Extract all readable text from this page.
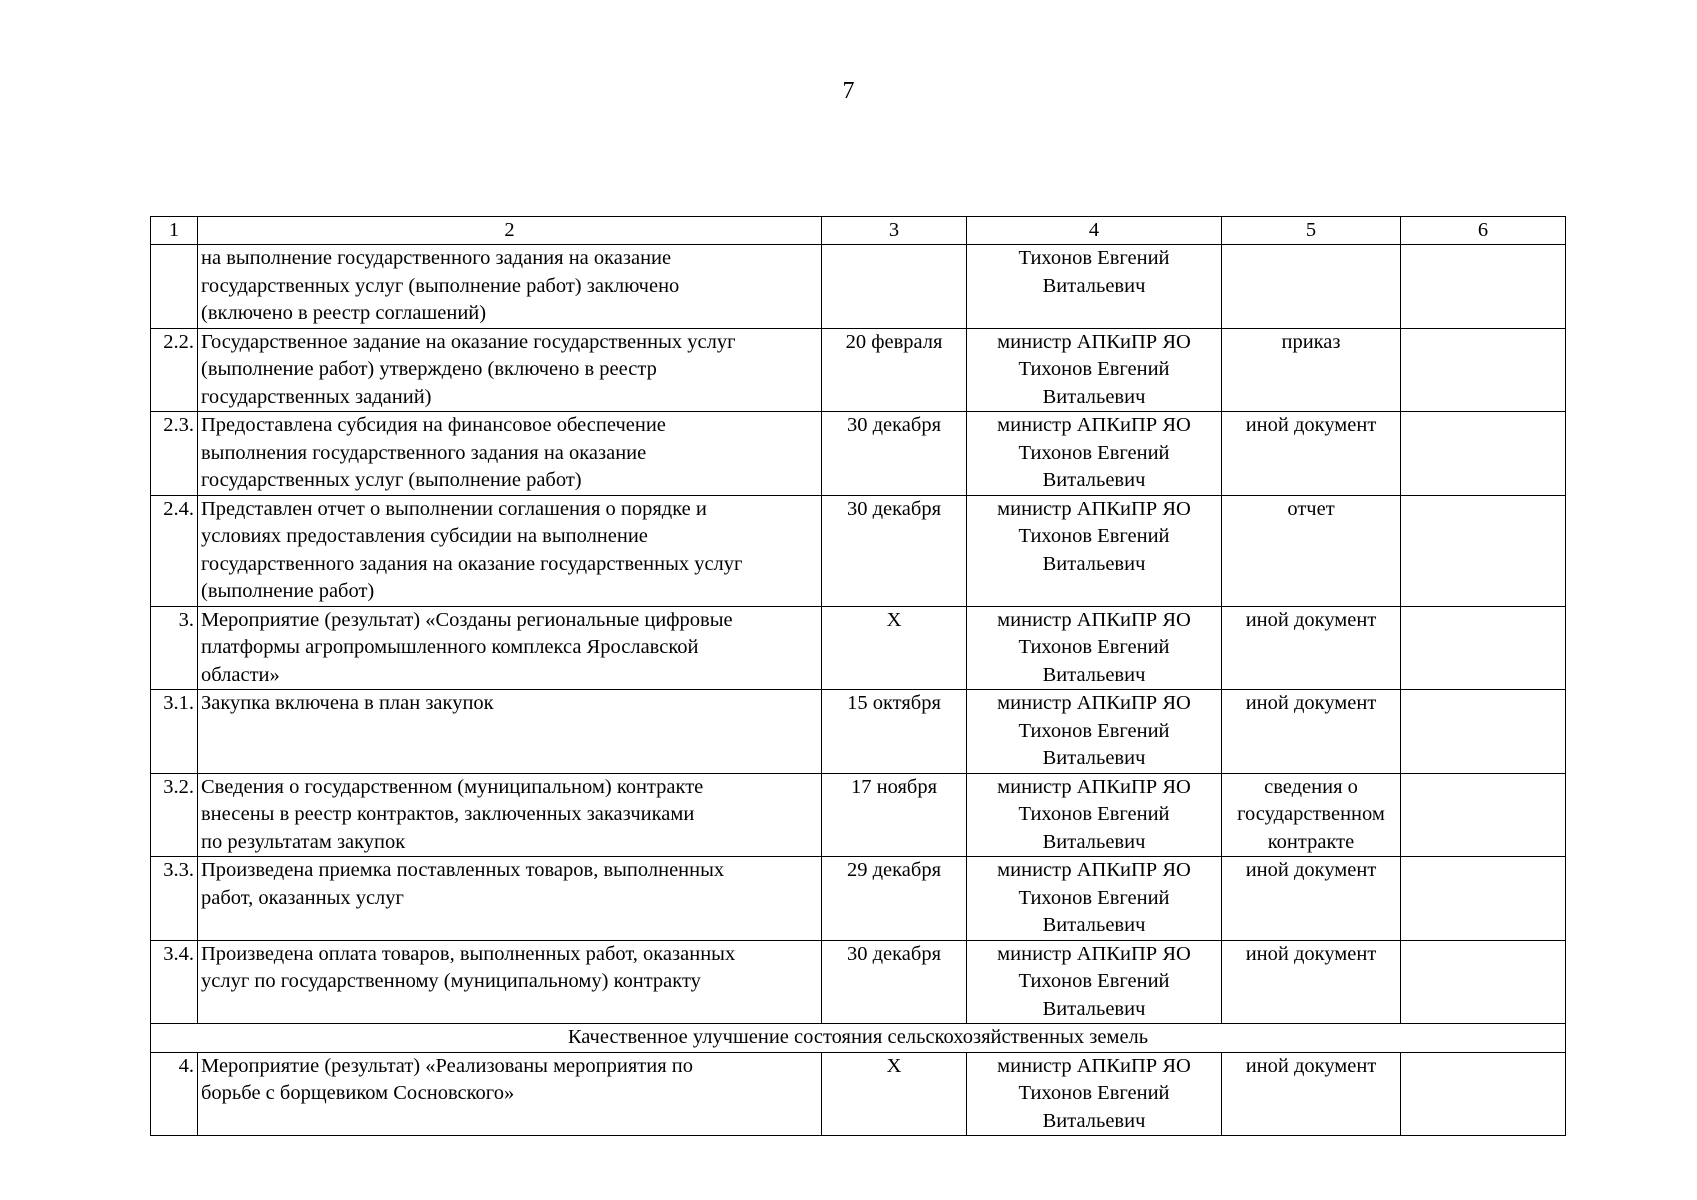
7
1	2	3	4	5	6

	на выполнение государственного задания на оказание
государственных услуг (выполнение работ) заключено
(включено в реестр соглашений)		Тихонов Евгений
Витальевич		

2.2.	Государственное задание на оказание государственных услуг
(выполнение работ) утверждено (включено в реестр
государственных заданий)	20 февраля	министр АПКиПР ЯО
Тихонов Евгений
Витальевич	приказ	

2.3.	Предоставлена субсидия на финансовое обеспечение
выполнения государственного задания на оказание
государственных услуг (выполнение работ)	30 декабря	министр АПКиПР ЯО
Тихонов Евгений
Витальевич	иной документ	

2.4.	Представлен отчет о выполнении соглашения о порядке и
условиях предоставления субсидии на выполнение
государственного задания на оказание государственных услуг
(выполнение работ)	30 декабря	министр АПКиПР ЯО
Тихонов Евгений
Витальевич	отчет	

3.	Мероприятие (результат) «Созданы региональные цифровые
платформы агропромышленного комплекса Ярославской
области»	X	министр АПКиПР ЯО
Тихонов Евгений
Витальевич	иной документ	

3.1.	Закупка включена в план закупок	15 октября	министр АПКиПР ЯО
Тихонов Евгений
Витальевич	иной документ	

3.2.	Сведения о государственном (муниципальном) контракте
внесены в реестр контрактов, заключенных заказчиками
по результатам закупок	17 ноября	министр АПКиПР ЯО
Тихонов Евгений
Витальевич	сведения о
государственном
контракте	

3.3.	Произведена приемка поставленных товаров, выполненных
работ, оказанных услуг	29 декабря	министр АПКиПР ЯО
Тихонов Евгений
Витальевич	иной документ	

3.4.	Произведена оплата товаров, выполненных работ, оказанных
услуг по государственному (муниципальному) контракту	30 декабря	министр АПКиПР ЯО
Тихонов Евгений
Витальевич	иной документ	

Качественное улучшение состояния сельскохозяйственных земель					
4.	Мероприятие (результат) «Реализованы мероприятия по
борьбе с борщевиком Сосновского»	X	министр АПКиПР ЯО
Тихонов Евгений
Витальевич	иной документ	
